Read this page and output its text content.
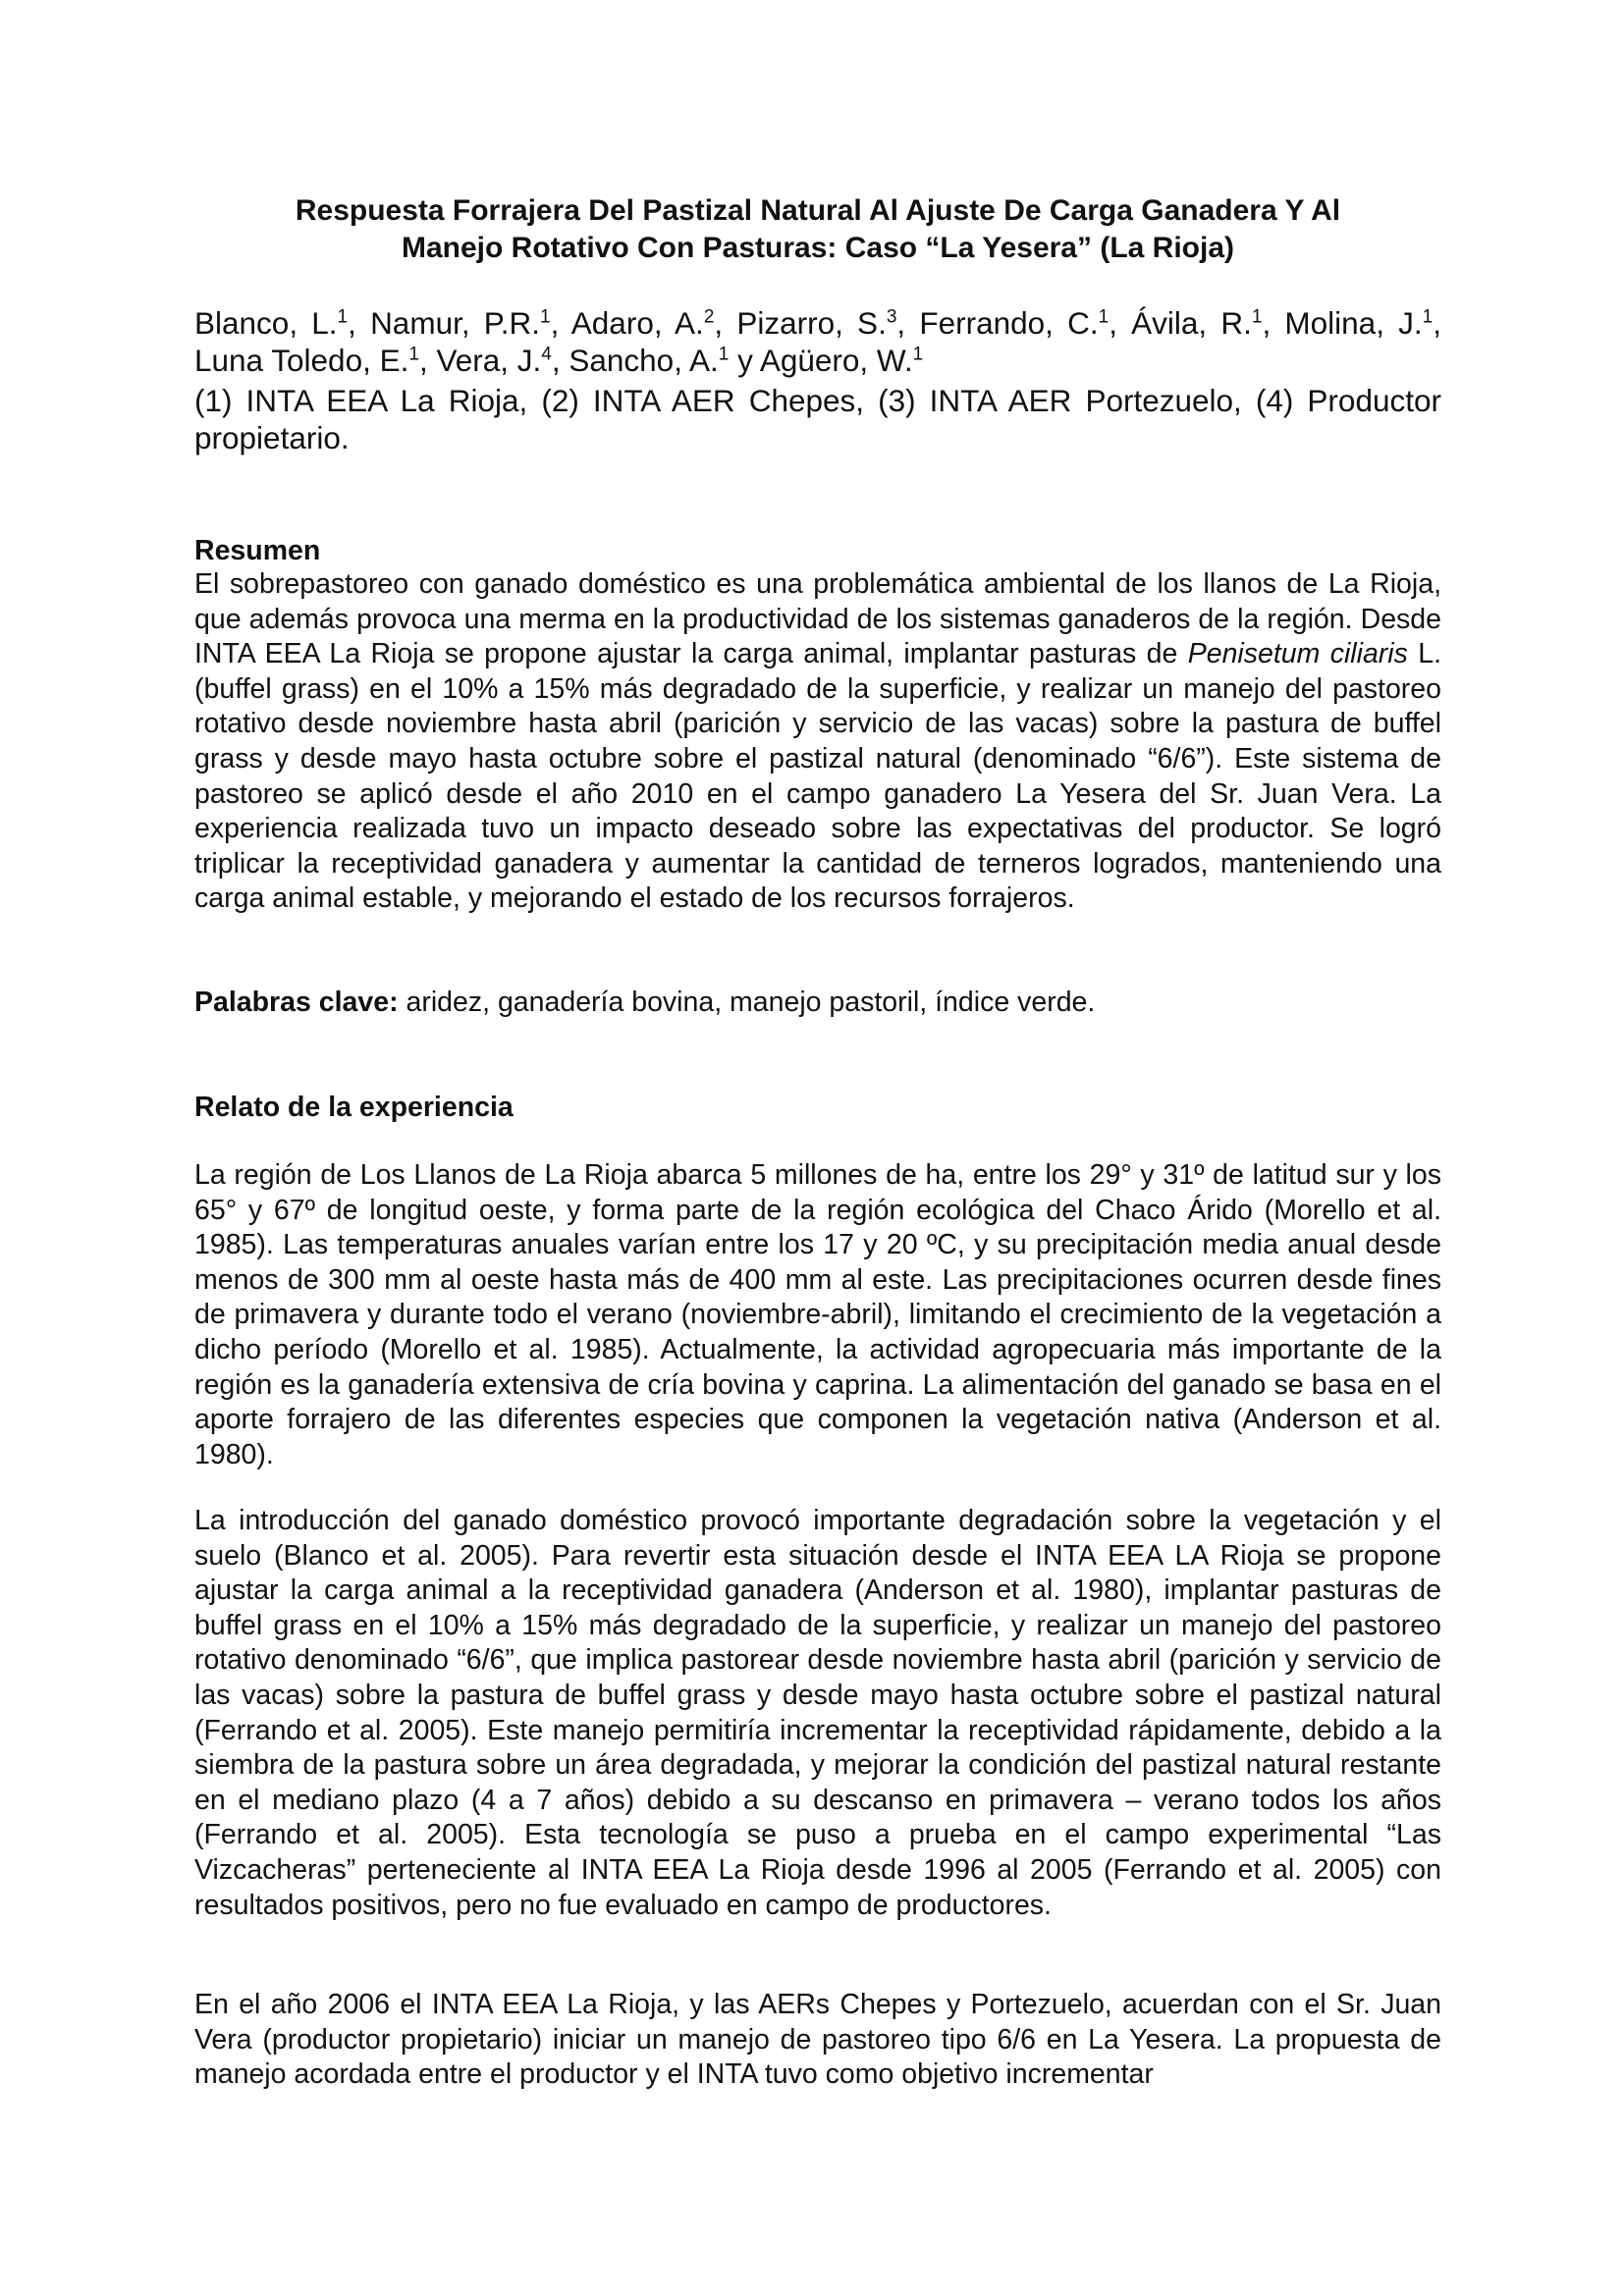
Respuesta Forrajera Del Pastizal Natural Al Ajuste De Carga Ganadera Y Al
Manejo Rotativo Con Pasturas: Caso “La Yesera” (La Rioja)
Blanco, L.$^1$, Namur, P.R.$^1$, Adaro, A.$^2$, Pizarro, S.$^3$, Ferrando, C.$^1$, Ávila, R.$^1$, Molina, J.$^1$, Luna Toledo, E.$^1$, Vera, J.$^4$, Sancho, A.$^1$ y Agüero, W.$^1$
(1) INTA EEA La Rioja, (2) INTA AER Chepes, (3) INTA AER Portezuelo, (4) Productor propietario.
Resumen

El sobrepastoreo con ganado doméstico es una problemática ambiental de los llanos de La Rioja, que además provoca una merma en la productividad de los sistemas ganaderos de la región. Desde INTA EEA La Rioja se propone ajustar la carga animal, implantar pasturas de Penisetum ciliaris L. (buffel grass) en el 10% a 15% más degradado de la superficie, y realizar un manejo del pastoreo rotativo desde noviembre hasta abril (parición y servicio de las vacas) sobre la pastura de buffel grass y desde mayo hasta octubre sobre el pastizal natural (denominado “6/6”). Este sistema de pastoreo se aplicó desde el año 2010 en el campo ganadero La Yesera del Sr. Juan Vera. La experiencia realizada tuvo un impacto deseado sobre las expectativas del productor. Se logró triplicar la receptividad ganadera y aumentar la cantidad de terneros logrados, manteniendo una carga animal estable, y mejorando el estado de los recursos forrajeros.

Palabras clave: aridez, ganadería bovina, manejo pastoril, índice verde.
Relato de la experiencia

La región de Los Llanos de La Rioja abarca 5 millones de ha, entre los 29° y 31º de latitud sur y los 65° y 67º de longitud oeste, y forma parte de la región ecológica del Chaco Árido (Morello et al. 1985). Las temperaturas anuales varían entre los 17 y 20 ºC, y su precipitación media anual desde menos de 300 mm al oeste hasta más de 400 mm al este. Las precipitaciones ocurren desde fines de primavera y durante todo el verano (noviembre-abril), limitando el crecimiento de la vegetación a dicho período (Morello et al. 1985). Actualmente, la actividad agropecuaria más importante de la región es la ganadería extensiva de cría bovina y caprina. La alimentación del ganado se basa en el aporte forrajero de las diferentes especies que componen la vegetación nativa (Anderson et al. 1980).

La introducción del ganado doméstico provocó importante degradación sobre la vegetación y el suelo (Blanco et al. 2005). Para revertir esta situación desde el INTA EEA LA Rioja se propone ajustar la carga animal a la receptividad ganadera (Anderson et al. 1980), implantar pasturas de buffel grass en el 10% a 15% más degradado de la superficie, y realizar un manejo del pastoreo rotativo denominado “6/6”, que implica pastorear desde noviembre hasta abril (parición y servicio de las vacas) sobre la pastura de buffel grass y desde mayo hasta octubre sobre el pastizal natural (Ferrando et al. 2005). Este manejo permitiría incrementar la receptividad rápidamente, debido a la siembra de la pastura sobre un área degradada, y mejorar la condición del pastizal natural restante en el mediano plazo (4 a 7 años) debido a su descanso en primavera – verano todos los años (Ferrando et al. 2005). Esta tecnología se puso a prueba en el campo experimental “Las Vizcacheras” perteneciente al INTA EEA La Rioja desde 1996 al 2005 (Ferrando et al. 2005) con resultados positivos, pero no fue evaluado en campo de productores.

En el año 2006 el INTA EEA La Rioja, y las AERs Chepes y Portezuelo, acuerdan con el Sr. Juan Vera (productor propietario) iniciar un manejo de pastoreo tipo 6/6 en La Yesera. La propuesta de manejo acordada entre el productor y el INTA tuvo como objetivo incrementar
